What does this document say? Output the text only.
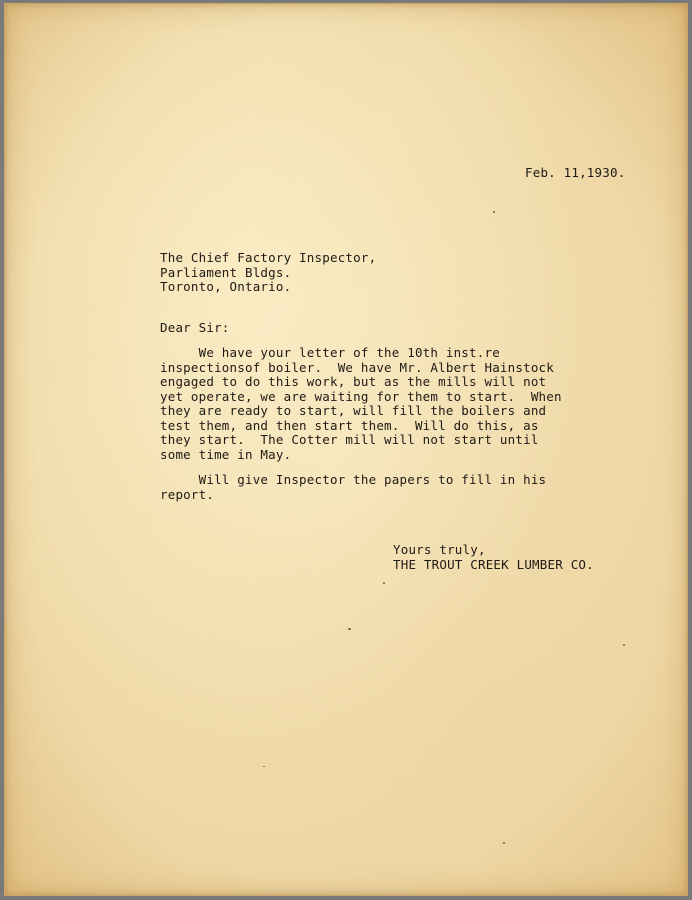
Feb. 11,1930.

The Chief Factory Inspector,
Parliament Bldgs.
Toronto, Ontario.

Dear Sir:

We have your letter of the 10th inst.re
inspectionsof boiler.  We have Mr. Albert Hainstock
engaged to do this work, but as the mills will not
yet operate, we are waiting for them to start.  When
they are ready to start, will fill the boilers and
test them, and then start them.  Will do this, as
they start.  The Cotter mill will not start until
some time in May.

Will give Inspector the papers to fill in his
report.

Yours truly,
THE TROUT CREEK LUMBER CO.
